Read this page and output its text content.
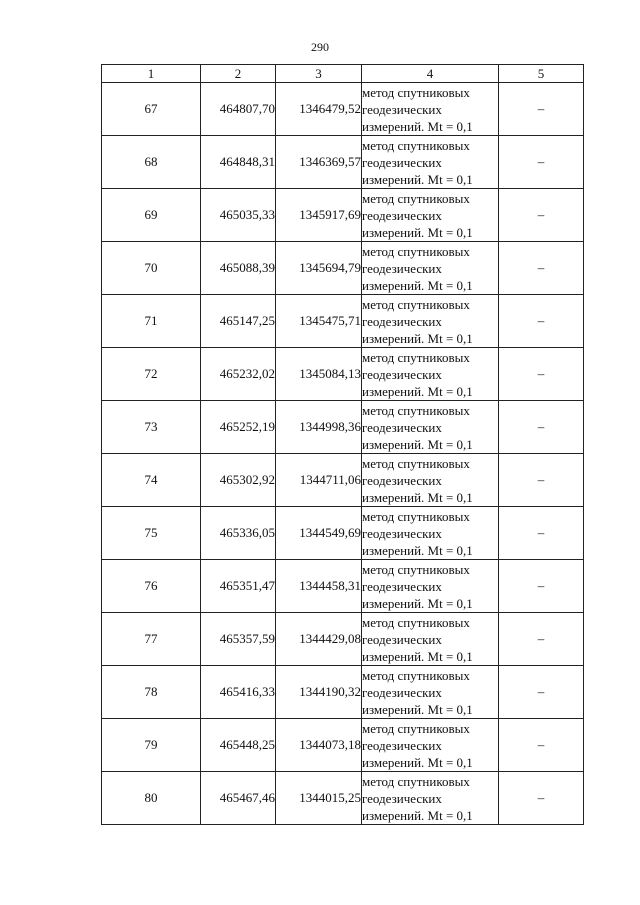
290
1	2	3	4	5
67	464807,70	1346479,52	метод спутниковых
геодезических
измерений. Mt = 0,1	–
68	464848,31	1346369,57	метод спутниковых
геодезических
измерений. Mt = 0,1	–
69	465035,33	1345917,69	метод спутниковых
геодезических
измерений. Mt = 0,1	–
70	465088,39	1345694,79	метод спутниковых
геодезических
измерений. Mt = 0,1	–
71	465147,25	1345475,71	метод спутниковых
геодезических
измерений. Mt = 0,1	–
72	465232,02	1345084,13	метод спутниковых
геодезических
измерений. Mt = 0,1	–
73	465252,19	1344998,36	метод спутниковых
геодезических
измерений. Mt = 0,1	–
74	465302,92	1344711,06	метод спутниковых
геодезических
измерений. Mt = 0,1	–
75	465336,05	1344549,69	метод спутниковых
геодезических
измерений. Mt = 0,1	–
76	465351,47	1344458,31	метод спутниковых
геодезических
измерений. Mt = 0,1	–
77	465357,59	1344429,08	метод спутниковых
геодезических
измерений. Mt = 0,1	–
78	465416,33	1344190,32	метод спутниковых
геодезических
измерений. Mt = 0,1	–
79	465448,25	1344073,18	метод спутниковых
геодезических
измерений. Mt = 0,1	–
80	465467,46	1344015,25	метод спутниковых
геодезических
измерений. Mt = 0,1	–
